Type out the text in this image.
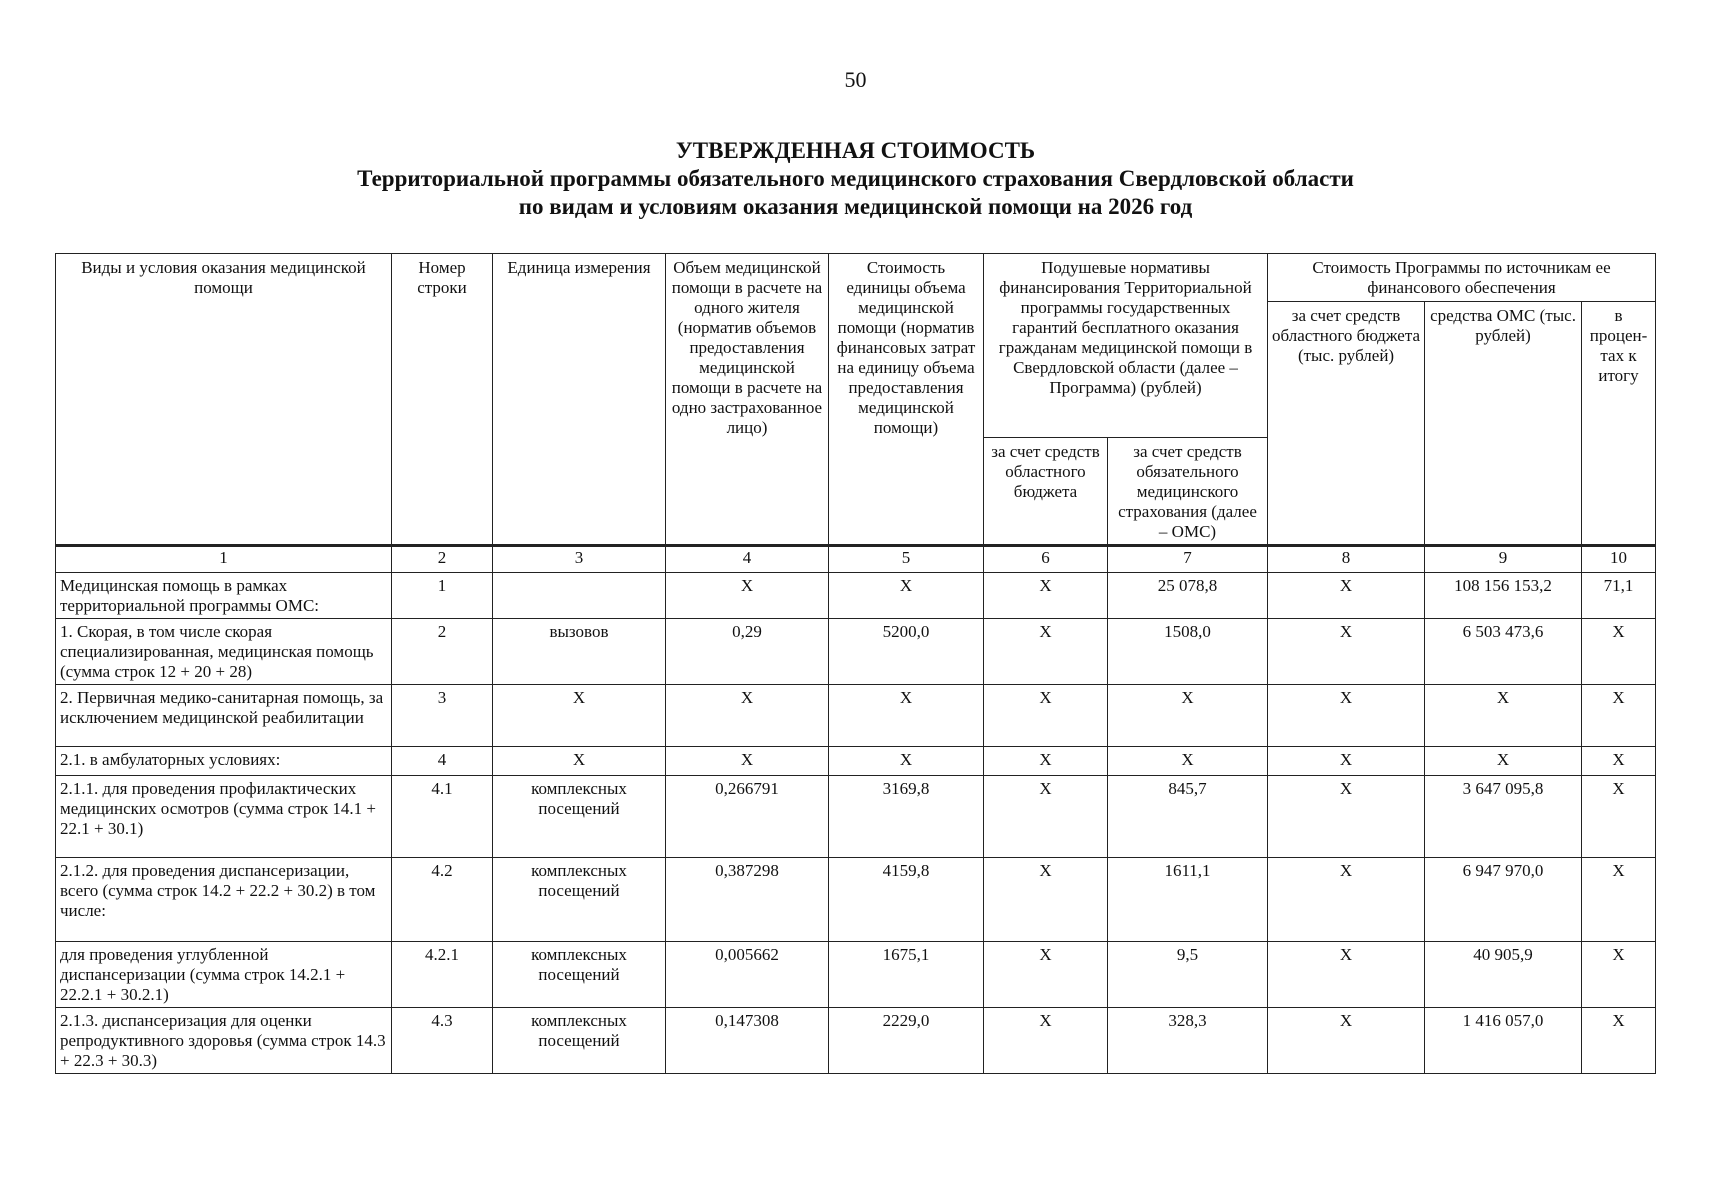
50
УТВЕРЖДЕННАЯ СТОИМОСТЬ
Территориальной программы обязательного медицинского страхования Свердловской области
по видам и условиям оказания медицинской помощи на 2026 год
Виды и условия оказания медицинской помощи	Номер строки	Единица измерения	Объем медицинской помощи в расчете на одного жителя (норматив объемов предоставления медицинской помощи в расчете на одно застрахованное лицо)	Стоимость единицы объема медицинской помощи (норматив финансовых затрат на единицу объема предоставления медицинской помощи)	Подушевые нормативы финансирования Территориальной программы государственных гарантий бесплатного оказания гражданам медицинской помощи в Свердловской области (далее – Программа) (рублей)		Стоимость Программы по источникам ее финансового обеспечения		
							за счет средств областного бюджета (тыс. рублей)	средства ОМС (тыс. рублей)	в процен-тах к итогу
					за счет средств областного бюджета	за счет средств обязательного медицинского страхования (далее – ОМС)			
1	2	3	4	5	6	7	8	9	10
Медицинская помощь в рамках территориальной программы ОМС:	1		X	X	X	25 078,8	X	108 156 153,2	71,1
1. Скорая, в том числе скорая специализированная, медицинская помощь (сумма строк 12 + 20 + 28)	2	вызовов	0,29	5200,0	X	1508,0	X	6 503 473,6	X
2. Первичная медико-санитарная помощь, за исключением медицинской реабилитации	3	X	X	X	X	X	X	X	X
2.1. в амбулаторных условиях:	4	X	X	X	X	X	X	X	X
2.1.1. для проведения профилактических медицинских осмотров (сумма строк 14.1 + 22.1 + 30.1)	4.1	комплексных посещений	0,266791	3169,8	X	845,7	X	3 647 095,8	X
2.1.2. для проведения диспансеризации, всего (сумма строк 14.2 + 22.2 + 30.2) в том числе:	4.2	комплексных посещений	0,387298	4159,8	X	1611,1	X	6 947 970,0	X
для проведения углубленной диспансеризации (сумма строк 14.2.1 + 22.2.1 + 30.2.1)	4.2.1	комплексных посещений	0,005662	1675,1	X	9,5	X	40 905,9	X
2.1.3. диспансеризация для оценки репродуктивного здоровья (сумма строк 14.3 + 22.3 + 30.3)	4.3	комплексных посещений	0,147308	2229,0	X	328,3	X	1 416 057,0	X
